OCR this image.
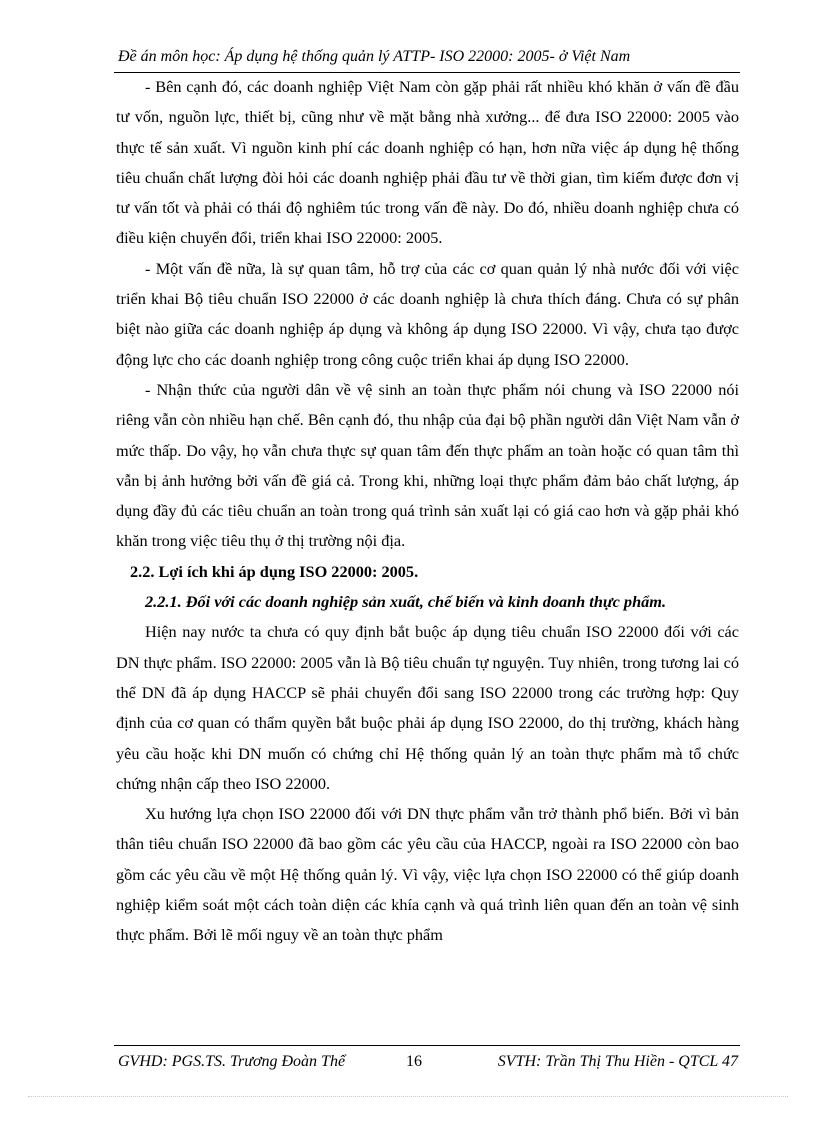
Đề án môn học: Áp dụng hệ thống quản lý ATTP- ISO 22000: 2005- ở Việt Nam

- Bên cạnh đó, các doanh nghiệp Việt Nam còn gặp phải rất nhiều khó khăn ở vấn đề đầu tư vốn, nguồn lực, thiết bị, cũng như về mặt bằng nhà xưởng... để đưa ISO 22000: 2005 vào thực tế sản xuất. Vì nguồn kinh phí các doanh nghiệp có hạn, hơn nữa việc áp dụng hệ thống tiêu chuẩn chất lượng đòi hỏi các doanh nghiệp phải đầu tư về thời gian, tìm kiếm được đơn vị tư vấn tốt và phải có thái độ nghiêm túc trong vấn đề này. Do đó, nhiều doanh nghiệp chưa có điều kiện chuyển đổi, triển khai ISO 22000: 2005.

- Một vấn đề nữa, là sự quan tâm, hỗ trợ của các cơ quan quản lý nhà nước đối với việc triển khai Bộ tiêu chuẩn ISO 22000 ở các doanh nghiệp là chưa thích đáng. Chưa có sự phân biệt nào giữa các doanh nghiệp áp dụng và không áp dụng ISO 22000. Vì vậy, chưa tạo được động lực cho các doanh nghiệp trong công cuộc triển khai áp dụng ISO 22000.

- Nhận thức của người dân về vệ sinh an toàn thực phẩm nói chung và ISO 22000 nói riêng vẫn còn nhiều hạn chế. Bên cạnh đó, thu nhập của đại bộ phần người dân Việt Nam vẫn ở mức thấp. Do vậy, họ vẫn chưa thực sự quan tâm đến thực phẩm an toàn hoặc có quan tâm thì vẫn bị ảnh hưởng bởi vấn đề giá cả. Trong khi, những loại thực phẩm đảm bảo chất lượng, áp dụng đầy đủ các tiêu chuẩn an toàn trong quá trình sản xuất lại có giá cao hơn và gặp phải khó khăn trong việc tiêu thụ ở thị trường nội địa.

2.2. Lợi ích khi áp dụng ISO 22000: 2005.
2.2.1. Đối với các doanh nghiệp sản xuất, chế biến và kinh doanh thực phẩm.

Hiện nay nước ta chưa có quy định bắt buộc áp dụng tiêu chuẩn ISO 22000 đối với các DN thực phẩm. ISO 22000: 2005 vẫn là Bộ tiêu chuẩn tự nguyện. Tuy nhiên, trong tương lai có thể DN đã áp dụng HACCP sẽ phải chuyển đổi sang ISO 22000 trong các trường hợp: Quy định của cơ quan có thẩm quyền bắt buộc phải áp dụng ISO 22000, do thị trường, khách hàng yêu cầu hoặc khi DN muốn có chứng chỉ Hệ thống quản lý an toàn thực phẩm mà tổ chức chứng nhận cấp theo ISO 22000.

Xu hướng lựa chọn ISO 22000 đối với DN thực phẩm vẫn trở thành phổ biến. Bởi vì bản thân tiêu chuẩn ISO 22000 đã bao gồm các yêu cầu của HACCP, ngoài ra ISO 22000 còn bao gồm các yêu cầu về một Hệ thống quản lý. Vì vậy, việc lựa chọn ISO 22000 có thể giúp doanh nghiệp kiểm soát một cách toàn diện các khía cạnh và quá trình liên quan đến an toàn vệ sinh thực phẩm. Bởi lẽ mối nguy về an toàn thực phẩm

GVHD: PGS.TS. Trương Đoàn Thể	16	SVTH: Trần Thị Thu Hiền - QTCL 47
